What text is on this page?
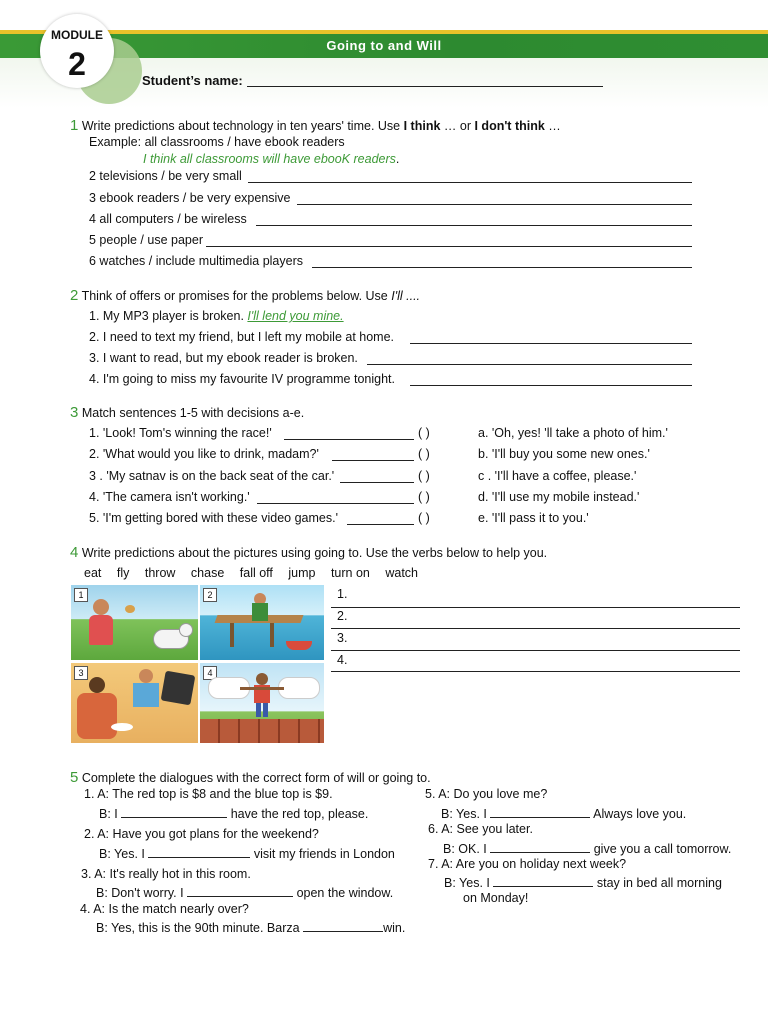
Going to and Will
MODULE
2	Student’s name:
1 Write predictions about technology in ten years' time. Use I think … or I don't think …
Example: all classrooms / have ebook readers
I think all classrooms will have ebooK readers.
2 televisions / be very small
3 ebook readers / be very expensive
4 all computers / be wireless
5 people / use paper
6 watches / include multimedia players
2 Think of offers or promises for the problems below. Use I'll ....
1. My MP3 player is broken. I'll lend you mine.
2. I need to text my friend, but I left my mobile at home.
3. I want to read, but my ebook reader is broken.
4. I'm going to miss my favourite IV programme tonight.
3 Match sentences 1-5 with decisions a-e.
1. 'Look! Tom's winning the race!'	( )	a. 'Oh, yes! 'll take a photo of him.'
2. 'What would you like to drink, madam?'	( )	b. 'I'll buy you some new ones.'
3 . 'My satnav is on the back seat of the car.'	( )	c . 'I'll have a coffee, please.'
4. 'The camera isn't working.'	( )	d. 'I'll use my mobile instead.'
5. 'I'm getting bored with these video games.'	( )	e. 'I'll pass it to you.'
4 Write predictions about the pictures using going to. Use the verbs below to help you.
eat fly throw chase fall off jump turn on watch
1	2
3	4
1.
2.
3.
4.
5 Complete the dialogues with the correct form of will or going to.
1. A: The red top is $8 and the blue top is $9.
B: I	have the red top, please.
2. A: Have you got plans for the weekend?
B: Yes. I	visit my friends in London
3. A: It's really hot in this room.
B: Don't worry. I	open the window.
4. A: Is the match nearly over?
B: Yes, this is the 90th minute. Barza	win.
5. A: Do you love me?
B: Yes. I	Always love you.
6. A: See you later.
B: OK. I	give you a call tomorrow.
7. A: Are you on holiday next week?
B: Yes. I	stay in bed all morning
on Monday!
